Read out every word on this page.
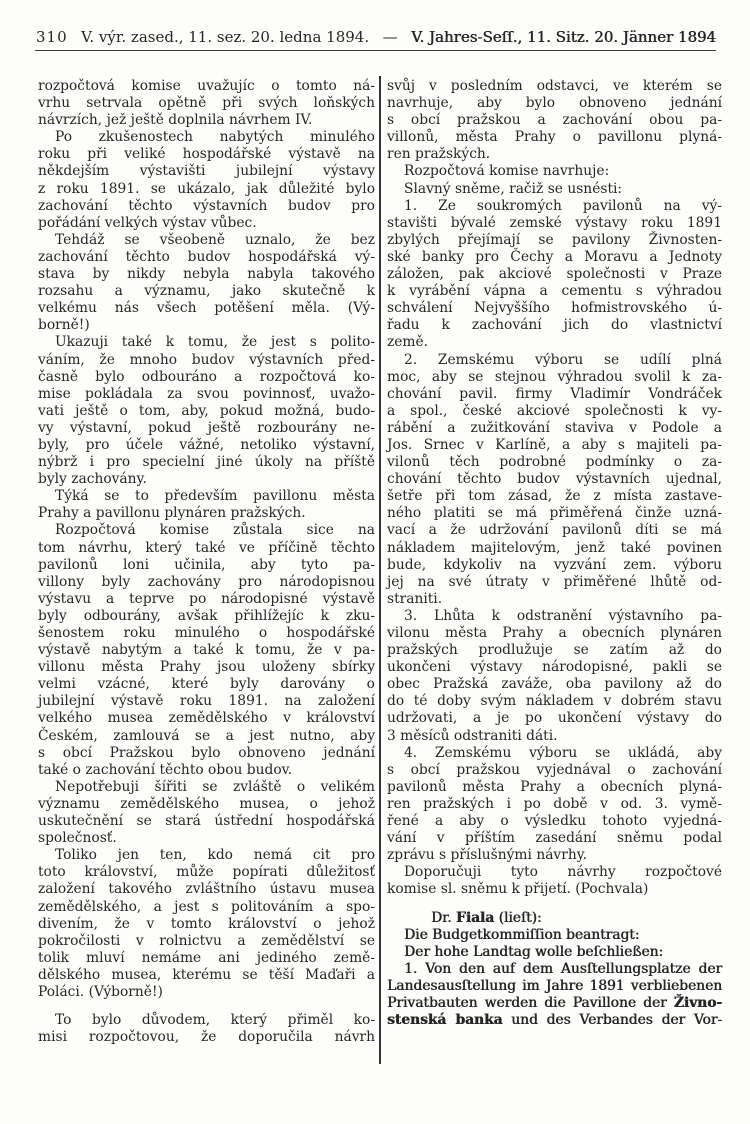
310 V. výr. zased., 11. sez. 20. ledna 1894. — V. Jahres-Seſſ., 11. Sitz. 20. Jänner 1894
rozpočtová komise uvažujíc o tomto ná-
vrhu setrvala opětně při svých loňských
návrzích, jež ještě doplnila návrhem IV.
Po zkušenostech nabytých minulého
roku při veliké hospodářské výstavě na
někdejším výstavišti jubilejní výstavy
z roku 1891. se ukázalo, jak důležité bylo
zachování těchto výstavních budov pro
pořádání velkých výstav vůbec.
Tehdáž se všeobeně uznalo, že bez
zachování těchto budov hospodářská vý-
stava by nikdy nebyla nabyla takového
rozsahu a významu, jako skutečně k
velkému nás všech potěšení měla. (Vý-
borně!)
Ukazuji také k tomu, že jest s polito-
váním, že mnoho budov výstavních před-
časně bylo odbouráno a rozpočtová ko-
mise pokládala za svou povinnosť, uvažo-
vati ještě o tom, aby, pokud možná, budo-
vy výstavní, pokud ještě rozbourány ne-
byly, pro účele vážné, netoliko výstavní,
nýbrž i pro specielní jiné úkoly na příště
byly zachovány.
Týká se to především pavillonu města
Prahy a pavillonu plynáren pražských.
Rozpočtová komise zůstala sice na
tom návrhu, který také ve příčině těchto
pavilonů loni učinila, aby tyto pa-
villony byly zachovány pro národopisnou
výstavu a teprve po národopisné výstavě
byly odbourány, avšak přihlížejíc k zku-
šenostem roku minulého o hospodářské
výstavě nabytým a také k tomu, že v pa-
villonu města Prahy jsou uloženy sbírky
velmi vzácné, které byly darovány o
jubilejní výstavě roku 1891. na založení
velkého musea zemědělského v království
Českém, zamlouvá se a jest nutno, aby
s obcí Pražskou bylo obnoveno jednání
také o zachování těchto obou budov.
Nepotřebuji šířiti se zvláště o velikém
významu zemědělského musea, o jehož
uskutečnění se stará ústřední hospodářská
společnosť.
Toliko jen ten, kdo nemá cit pro
toto království, může popírati důležitosť
založení takového zvláštního ústavu musea
zemědělského, a jest s politováním a spo-
divením, že v tomto království o jehož
pokročilosti v rolnictvu a zemědělství se
tolik mluví nemáme ani jediného země-
dělského musea, kterému se těší Maďaři a
Poláci. (Výborně!)
To bylo důvodem, který přiměl ko-
misi rozpočtovou, že doporučila návrh
svůj v posledním odstavci, ve kterém se
navrhuje, aby bylo obnoveno jednání
s obcí pražskou a zachování obou pa-
villonů, města Prahy o pavillonu plyná-
ren pražských.
Rozpočtová komise navrhuje:
Slavný sněme, račiž se usnésti:
1. Ze soukromých pavilonů na vý-
stavišti bývalé zemské výstavy roku 1891
zbylých přejímají se pavilony Živnosten-
ské banky pro Čechy a Moravu a Jednoty
záložen, pak akciové společnosti v Praze
k vyrábění vápna a cementu s výhradou
schválení Nejvyššího hofmistrovského ú-
řadu k zachování jich do vlastnictví
země.
2. Zemskému výboru se udílí plná
moc, aby se stejnou výhradou svolil k za-
chování pavil. firmy Vladimír Vondráček
a spol., české akciové společnosti k vy-
rábění a zužitkování staviva v Podole a
Jos. Srnec v Karlíně, a aby s majiteli pa-
vilonů těch podrobné podmínky o za-
chování těchto budov výstavních ujednal,
šetře při tom zásad, že z místa zastave-
ného platiti se má přiměřená činže uzná-
vací a že udržování pavilonů díti se má
nákladem majitelovým, jenž také povinen
bude, kdykoliv na vyzvání zem. výboru
jej na své útraty v přiměřené lhůtě od-
straniti.
3. Lhůta k odstranění výstavního pa-
vilonu města Prahy a obecních plynáren
pražských prodlužuje se zatím až do
ukončeni výstavy národopisné, pakli se
obec Pražská zaváže, oba pavilony až do
do té doby svým nákladem v dobrém stavu
udržovati, a je po ukončení výstavy do
3 měsíců odstraniti dáti.
4. Zemskému výboru se ukládá, aby
s obcí pražskou vyjednával o zachování
pavilonů města Prahy a obecních plyná-
ren pražských i po době v od. 3. vymě-
řené a aby o výsledku tohoto vyjedná-
vání v příštím zasedání sněmu podal
zprávu s příslušnými návrhy.
Doporučuji tyto návrhy rozpočtové
komise sl. sněmu k přijetí. (Pochvala)
Dr. Fiala (lieſt):
Die Budgetkommiſſion beantragt:
Der hohe Landtag wolle beſchließen:
1. Von den auf dem Ausſtellungsplatze der
Landesausſtellung im Jahre 1891 verbliebenen
Privatbauten werden die Pavillone der Živno-
stenská banka und des Verbandes der Vor-
